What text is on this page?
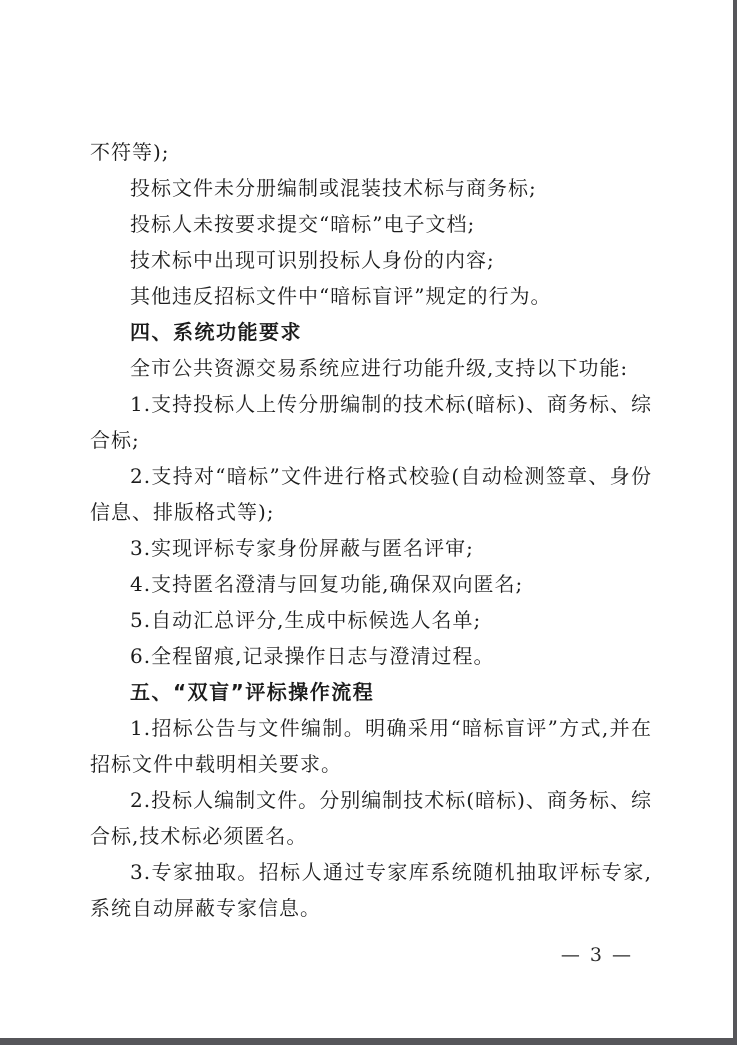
不符等);

投标文件未分册编制或混装技术标与商务标;

投标人未按要求提交“暗标”电子文档;

技术标中出现可识别投标人身份的内容;

其他违反招标文件中“暗标盲评”规定的行为。

四、系统功能要求

全市公共资源交易系统应进行功能升级,支持以下功能:

1.支持投标人上传分册编制的技术标(暗标)、商务标、综合标;

2.支持对“暗标”文件进行格式校验(自动检测签章、身份信息、排版格式等);

3.实现评标专家身份屏蔽与匿名评审;

4.支持匿名澄清与回复功能,确保双向匿名;

5.自动汇总评分,生成中标候选人名单;

6.全程留痕,记录操作日志与澄清过程。

五、“双盲”评标操作流程

1.招标公告与文件编制。明确采用“暗标盲评”方式,并在招标文件中载明相关要求。

2.投标人编制文件。分别编制技术标(暗标)、商务标、综合标,技术标必须匿名。

3.专家抽取。招标人通过专家库系统随机抽取评标专家,系统自动屏蔽专家信息。

— 3 —
